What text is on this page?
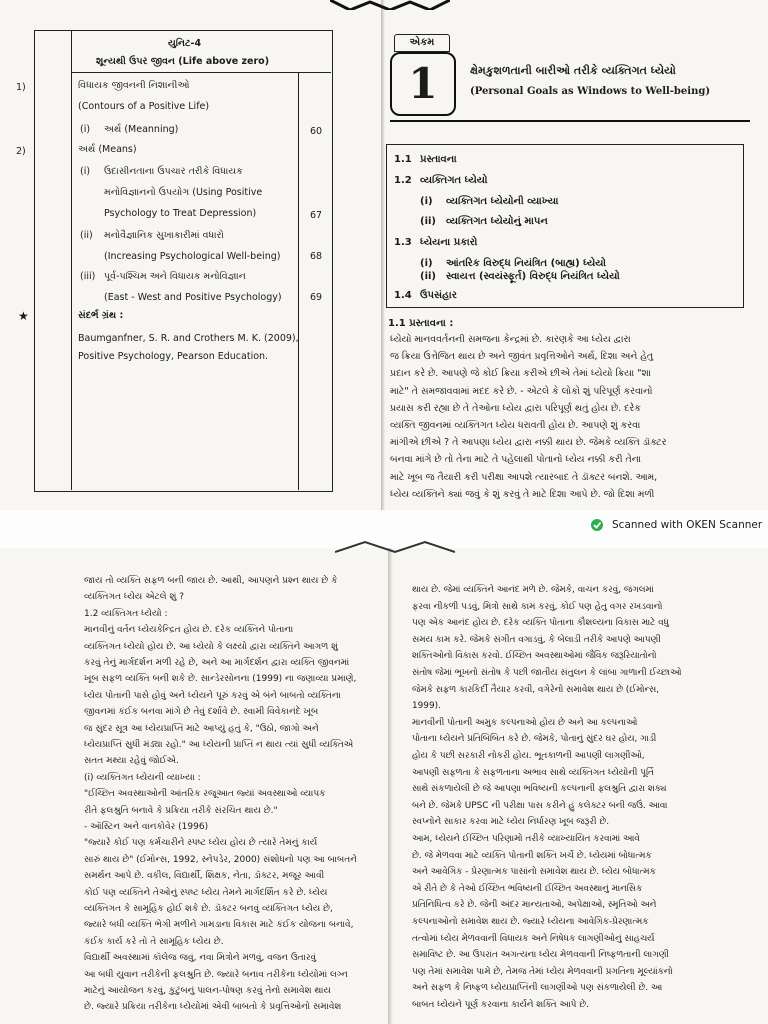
યુનિટ-4
શૂન્યથી ઉપર જીવન (Life above zero)
1)	વિધાયક જીવનની નિશાનીઓ
(Contours of a Positive Life)
(i) અર્થ (Meanning)	60
2)	અર્થ (Means)
(i) ઉદાસીનતાના ઉપચાર તરીકે વિધાયક
મનોવિજ્ઞાનનો ઉપયોગ (Using Positive
Psychology to Treat Depression)	67
(ii) મનોવૈજ્ઞાનિક સુખાકારીમાં વધારો
(Increasing Psychological Well-being)	68
(iii) પૂર્વ-પશ્ચિમ અને વિધાયક મનોવિજ્ઞાન
(East - West and Positive Psychology)	69
★	સંદર્ભ ગ્રંથ :
Baumganfner, S. R. and Crothers M. K. (2009),
Positive Psychology, Pearson Education.
એકમ
1	ક્ષેમકુશળતાની બારીઓ તરીકે વ્યક્તિગત ધ્યેયો
(Personal Goals as Windows to Well-being)
1.1 પ્રસ્તાવના
1.2 વ્યક્તિગત ધ્યેયો
(i) વ્યક્તિગત ધ્યેયોની વ્યાખ્યા
(ii) વ્યક્તિગત ધ્યેયોનું માપન
1.3 ધ્યેયના પ્રકારો
(i) આંતરિક વિરુદ્ધ નિયંત્રિત (બાહ્ય) ધ્યેયો
(ii) સ્વાયત્ત (સ્વયંસ્ફૂર્ત) વિરુદ્ધ નિયંત્રિત ધ્યેયો
1.4 ઉપસંહાર
1.1 પ્રસ્તાવના :
ધ્યેયો માનવવર્તનની સમજના કેન્દ્રમાં છે. કારણકે આ ધ્યેય દ્વારા
જ ક્રિયા ઉત્તેજિત થાય છે અને જીવંત પ્રવૃત્તિઓને અર્થ, દિશા અને હેતુ
પ્રદાન કરે છે. આપણે જે કોઈ ક્રિયા કરીએ છીએ તેમાં ધ્યેયો ક્રિયા "શા
માટે" તે સમજાવવામાં મદદ કરે છે. - એટલે કે લોકો શું પરિપૂર્ણ કરવાનો
પ્રયાસ કરી રહ્યા છે તે તેઓના ધ્યેય દ્વારા પરિપૂર્ણ થતું હોય છે. દરેક
વ્યક્તિ જીવનમાં વ્યક્તિગત ધ્યેય ધરાવતી હોય છે. આપણે શું કરવા
માંગીએ છીએ ? તે આપણા ધ્યેય દ્વારા નક્કી થાય છે. જેમકે વ્યક્તિ ડૉક્ટર
બનવા માંગે છે તો તેના માટે તે પહેલાથી પોતાનો ધ્યેય નક્કી કરી તેના
માટે ખૂબ જ તૈયારી કરી પરીક્ષા આપશે ત્યારબાદ તે ડૉક્ટર બનશે. આમ,
ધ્યેય વ્યક્તિને ક્યાં જવું કે શું કરવું તે માટે દિશા આપે છે. જો દિશા મળી
Scanned with OKEN Scanner
જાય તો વ્યક્તિ સફળ બની જાય છે. આથી, આપણને પ્રશ્ન થાય છે કે
વ્યક્તિગત ધ્યેય એટલે શું ?
1.2 વ્યક્તિગત ધ્યેયો :
માનવીનું વર્તન ધ્યેયકેન્દ્રિત હોય છે. દરેક વ્યક્તિને પોતાના
વ્યક્તિગત ધ્યેયો હોય છે. આ ધ્યેયો કે લક્ષ્યો દ્વારા વ્યક્તિને આગળ શું
કરવું તેનું માર્ગદર્શન મળી રહે છે, અને આ માર્ગદર્શન દ્વારા વ્યક્તિ જીવનમાં
ખૂબ સફળ વ્યક્તિ બની શકે છે. સાન્ડેરસોનના (1999) ના જણાવ્યા પ્રમાણે,
ધ્યેય પોતાની પાસે હોવું અને ધ્યેયને પૂરું કરવું એ બંને બાબતો વ્યક્તિના
જીવનમાં કંઈક બનવા માંગે છે તેવું દર્શાવે છે. સ્વામી વિવેકાનંદે ખૂબ
જ સુંદર સૂત્ર આ ધ્યેયપ્રાપ્તિ માટે આપ્યું હતું કે, "ઉઠો, જાગો અને
ધ્યેયપ્રાપ્તિ સુધી મંડ્યા રહો." આ ધ્યેયની પ્રાપ્તિ ન થાય ત્યાં સુધી વ્યક્તિએ
સતત મથ્યા રહેવું જોઈએ.
(i) વ્યક્તિગત ધ્યેયની વ્યાખ્યા :
"ઈચ્છિત અવસ્થાઓની આંતરિક રજૂઆત જ્યાં અવસ્થાઓ વ્યાપક
રીતે ફલશ્રુતિ બનાવે કે પ્રક્રિયા તરીકે સંરચિત થાય છે."
- ઑસ્ટિન અને વાનકોવેર (1996)
"જ્યારે કોઈ પણ કર્મચારીને સ્પષ્ટ ધ્યેય હોય છે ત્યારે તેમનું કાર્ય
સારું થાય છે" (ઈમોન્સ, 1992, સ્નેપડેર, 2000) સંશોધનો પણ આ બાબતને
સમર્થન આપે છે. વકીલ, વિદ્યાર્થી, શિક્ષક, નેતા, ડૉક્ટર, મજૂર આવી
કોઈ પણ વ્યક્તિને તેઓનું સ્પષ્ટ ધ્યેય તેમને માર્ગદર્શિત કરે છે. ધ્યેય
વ્યક્તિગત કે સામૂહિક હોઈ શકે છે. ડૉક્ટર બનવું વ્યક્તિગત ધ્યેય છે,
જ્યારે બધી વ્યક્તિ ભેગી મળીને ગામડાના વિકાસ માટે કંઈક યોજના બનાવે,
કંઈક કાર્ય કરે તો તે સામૂહિક ધ્યેય છે.
વિદ્યાર્થી અવસ્થામાં કૉલેજ જવું, નવા મિત્રોને મળવું, વજન ઉતારવું
આ બધી યુવાન તરીકેની ફલશ્રુતિ છે. જ્યારે બનાવ તરીકેના ધ્યેયોમાં લગ્ન
માટેનું આયોજન કરવું, કુટુંબનું પાલન-પોષણ કરવું તેનો સમાવેશ થાય
છે. જ્યારે પ્રક્રિયા તરીકેના ધ્યેયોમાં એવી બાબતો કે પ્રવૃત્તિઓનો સમાવેશ
થાય છે. જેમાં વ્યક્તિને આનંદ મળે છે. જેમકે, વાચન કરવું, જંગલમાં
ફરવા નીકળી પડવું, મિત્રો સાથે કામ કરવું, કોઈ પણ હેતુ વગર રખડવાનો
પણ એક આનંદ હોય છે. દરેક વ્યક્તિ પોતાના કૌશલ્યના વિકાસ માટે વધુ
સમય કામ કરે. જેમકે સંગીત વગાડવું, કે બેલાડી તરીકે આપણે આપણી
શક્તિઓનો વિકાસ કરવો. ઈચ્છિત અવસ્થાઓમાં જૈવિક જરૂરિયાતોનો
સંતોષ જેમાં ભૂખનો સંતોષ કે પછી જાતીય સંતુલન કે લાંબા ગાળાની ઈચ્છાઓ
જેમકે સફળ કારકિર્દી તૈયાર કરવી, વગેરેનો સમાવેશ થાય છે (ઈમોન્સ,
1999).
માનવીની પોતાની અમુક કલ્પનાઓ હોય છે અને આ કલ્પનાઓ
પોતાના ધ્યેયને પ્રતિબિંબિત કરે છે. જેમકે, પોતાનું સુંદર ઘર હોય, ગાડી
હોય કે પછી સરકારી નોકરી હોય. ભૂતકાળની આપણી લાગણીઓ,
આપણી સફળતા કે સફળતાના અભાવ સાથે વ્યક્તિગત ધ્યેયોની પૂર્તિ
સાથે સંકળાયેલી છે જે આપણા ભવિષ્યની કલ્પનાની ફલશ્રુતિ દ્વારા શક્ય
બને છે. જેમકે UPSC ની પરીક્ષા પાસ કરીને હું કલેક્ટર બની જઉં. આવા
સ્વપ્નોને સાકાર કરવા માટે ધ્યેય નિર્ધારણ ખૂબ જરૂરી છે.
આમ, ધ્યેયને ઈચ્છિત પરિણામો તરીકે વ્યાખ્યાયિત કરવામાં આવે
છે. જે મેળવવા માટે વ્યક્તિ પોતાની શક્તિ ખર્ચે છે. ધ્યેયમાં બોધાત્મક
અને આવેગિક - પ્રેરણાત્મક પાસાંનો સમાવેશ થાય છે. ધ્યેય બોધાત્મક
એ રીતે છે કે તેઓ ઈચ્છિત ભવિષ્યની ઈચ્છિત અવસ્થાનું માનસિક
પ્રતિનિધિત્વ કરે છે. જેની અંદર માન્યતાઓ, અપેક્ષાઓ, સ્મૃતિઓ અને
કલ્પનાઓનો સમાવેશ થાય છે. જ્યારે ધ્યેયના આવેગિક-પ્રેરણાત્મક
તત્વોમાં ધ્યેય મેળવવાની વિધાયક અને નિષેધક લાગણીઓનું સાહચર્ય
સમાવિષ્ટ છે. આ ઉપરાંત અગત્યના ધ્યેય મેળવવાની નિષ્ફળતાની લાગણી
પણ તેમાં સમાવેશ પામે છે, તેમજ તેમાં ધ્યેય મેળવવાની પ્રગતિના મૂલ્યાંકનો
અને સફળ કે નિષ્ફળ ધ્યેયપ્રાપ્તિની લાગણીઓ પણ સંકળાયેલી છે. આ
બાબત ધ્યેયને પૂર્ણ કરવાના કાર્યને શક્તિ આપે છે.
